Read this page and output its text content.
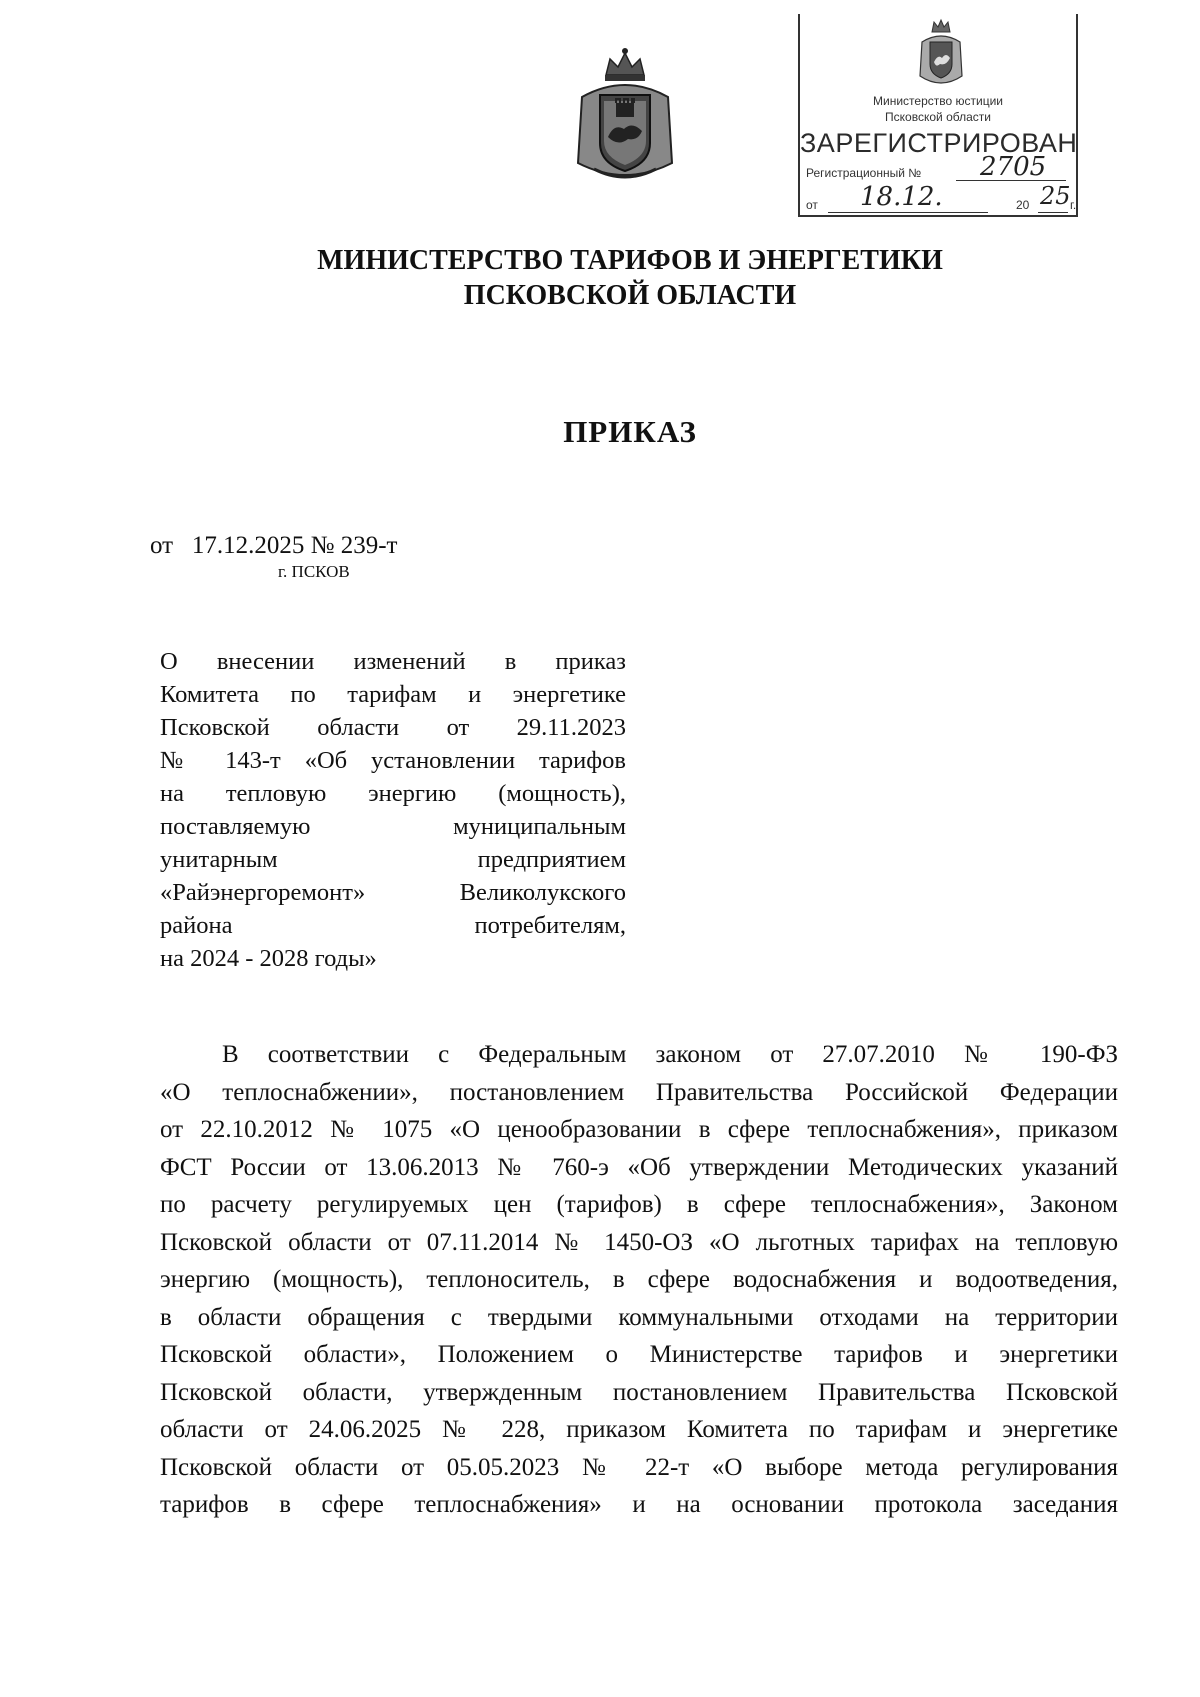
Министерство юстиции
Псковской области
ЗАРЕГИСТРИРОВАН
Регистрационный № 2705
от	20	г.
18.12.	25
МИНИСТЕРСТВО ТАРИФОВ И ЭНЕРГЕТИКИ
ПСКОВСКОЙ ОБЛАСТИ
ПРИКАЗ
от   17.12.2025 № 239-т
г. ПСКОВ
О внесении изменений в приказ
Комитета по тарифам и энергетике
Псковской области от 29.11.2023
№ 143-т «Об установлении тарифов
на тепловую энергию (мощность),
поставляемую муниципальным
унитарным предприятием
«Райэнергоремонт» Великолукского
района потребителям,
на 2024 - 2028 годы»
В соответствии с Федеральным законом от 27.07.2010 № 190-ФЗ
«О теплоснабжении», постановлением Правительства Российской Федерации
от 22.10.2012 № 1075 «О ценообразовании в сфере теплоснабжения», приказом
ФСТ России от 13.06.2013 № 760-э «Об утверждении Методических указаний
по расчету регулируемых цен (тарифов) в сфере теплоснабжения», Законом
Псковской области от 07.11.2014 № 1450-ОЗ «О льготных тарифах на тепловую
энергию (мощность), теплоноситель, в сфере водоснабжения и водоотведения,
в области обращения с твердыми коммунальными отходами на территории
Псковской области», Положением о Министерстве тарифов и энергетики
Псковской области, утвержденным постановлением Правительства Псковской
области от 24.06.2025 № 228, приказом Комитета по тарифам и энергетике
Псковской области от 05.05.2023 № 22-т «О выборе метода регулирования
тарифов в сфере теплоснабжения» и на основании протокола заседания
